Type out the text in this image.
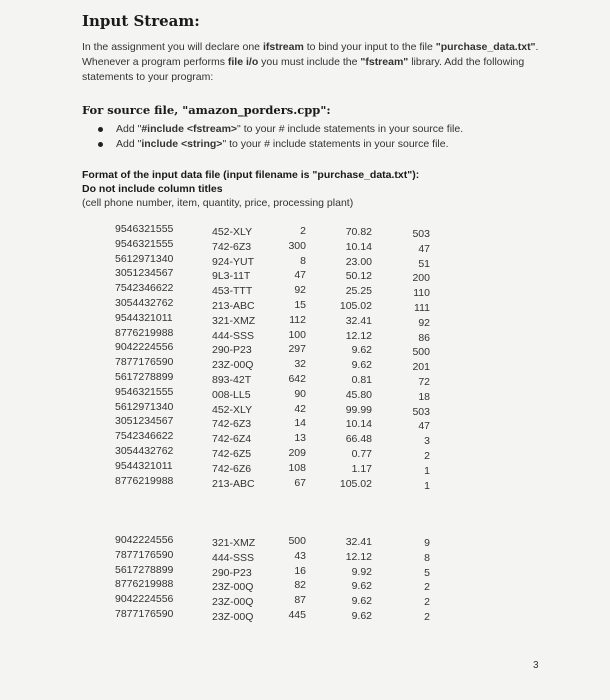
Input Stream:
In the assignment you will declare one ifstream to bind your input to the file "purchase_data.txt". Whenever a program performs file i/o you must include the "fstream" library. Add the following statements to your program:
For source file, "amazon_porders.cpp":
Add "#include <fstream>" to your # include statements in your source file.
Add "include <string>" to your # include statements in your source file.
Format of the input data file (input filename is "purchase_data.txt"):
Do not include column titles
(cell phone number, item, quantity, price, processing plant)
9546321555
9546321555
5612971340
3051234567
7542346622
3054432762
9544321011
8776219988
9042224556
7877176590
5617278899
9546321555
5612971340
3051234567
7542346622
3054432762
9544321011
8776219988
452-XLY
742-6Z3
924-YUT
9L3-11T
453-TTT
213-ABC
321-XMZ
444-SSS
290-P23
23Z-00Q
893-42T
008-LL5
452-XLY
742-6Z3
742-6Z4
742-6Z5
742-6Z6
213-ABC
2
300
8
47
92
15
112
100
297
32
642
90
42
14
13
209
108
67
70.82
10.14
23.00
50.12
25.25
105.02
32.41
12.12
9.62
9.62
0.81
45.80
99.99
10.14
66.48
0.77
1.17
105.02
503
47
51
200
110
111
92
86
500
201
72
18
503
47
3
2
1
1
9042224556
7877176590
5617278899
8776219988
9042224556
7877176590
321-XMZ
444-SSS
290-P23
23Z-00Q
23Z-00Q
23Z-00Q
500
43
16
82
87
445
32.41
12.12
9.92
9.62
9.62
9.62
9
8
5
2
2
2
3
